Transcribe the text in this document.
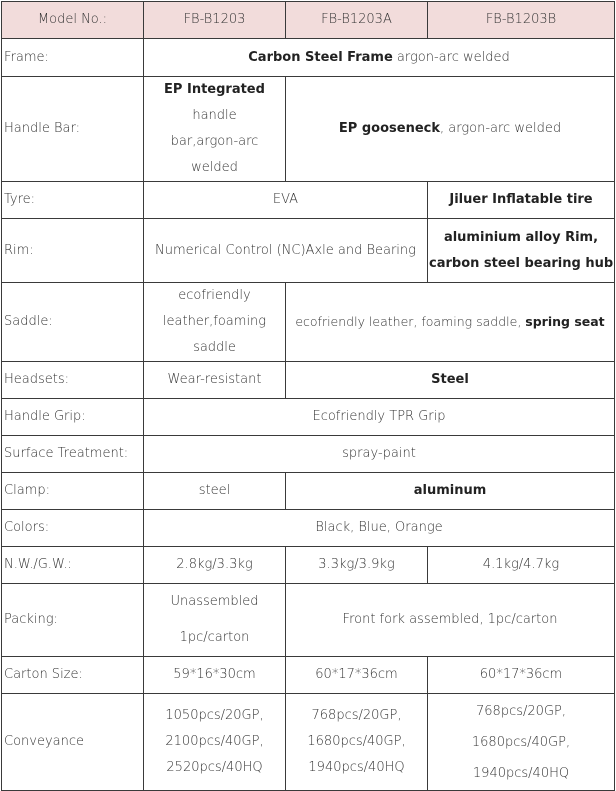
Model No.:	FB-B1203	FB-B1203A	FB-B1203B
Frame:	Carbon Steel Frame argon-arc welded		
Handle Bar:	EP Integrated handle
bar,argon-arc
welded	EP gooseneck, argon-arc welded	
Tyre:	EVA		Jiluer Inflatable tire
Rim:	Numerical Control (NC)Axle and Bearing		aluminium alloy Rim,
carbon steel bearing hub

Saddle:	ecofriendly
leather,foaming
saddle	ecofriendly leather, foaming saddle, spring seat	
Headsets:	Wear-resistant	Steel	
Handle Grip:	Ecofriendly TPR Grip		
Surface Treatment:	spray-paint		
Clamp:	steel	aluminum	
Colors:	Black, Blue, Orange		
N.W./G.W.:	2.8kg/3.3kg	3.3kg/3.9kg	4.1kg/4.7kg
Packing:	Unassembled
1pc/carton	Front fork assembled, 1pc/carton	
Carton Size:	59*16*30cm	60*17*36cm	60*17*36cm
Conveyance	1050pcs/20GP,
2100pcs/40GP,
2520pcs/40HQ	768pcs/20GP,
1680pcs/40GP,
1940pcs/40HQ	768pcs/20GP,
1680pcs/40GP,
1940pcs/40HQ
